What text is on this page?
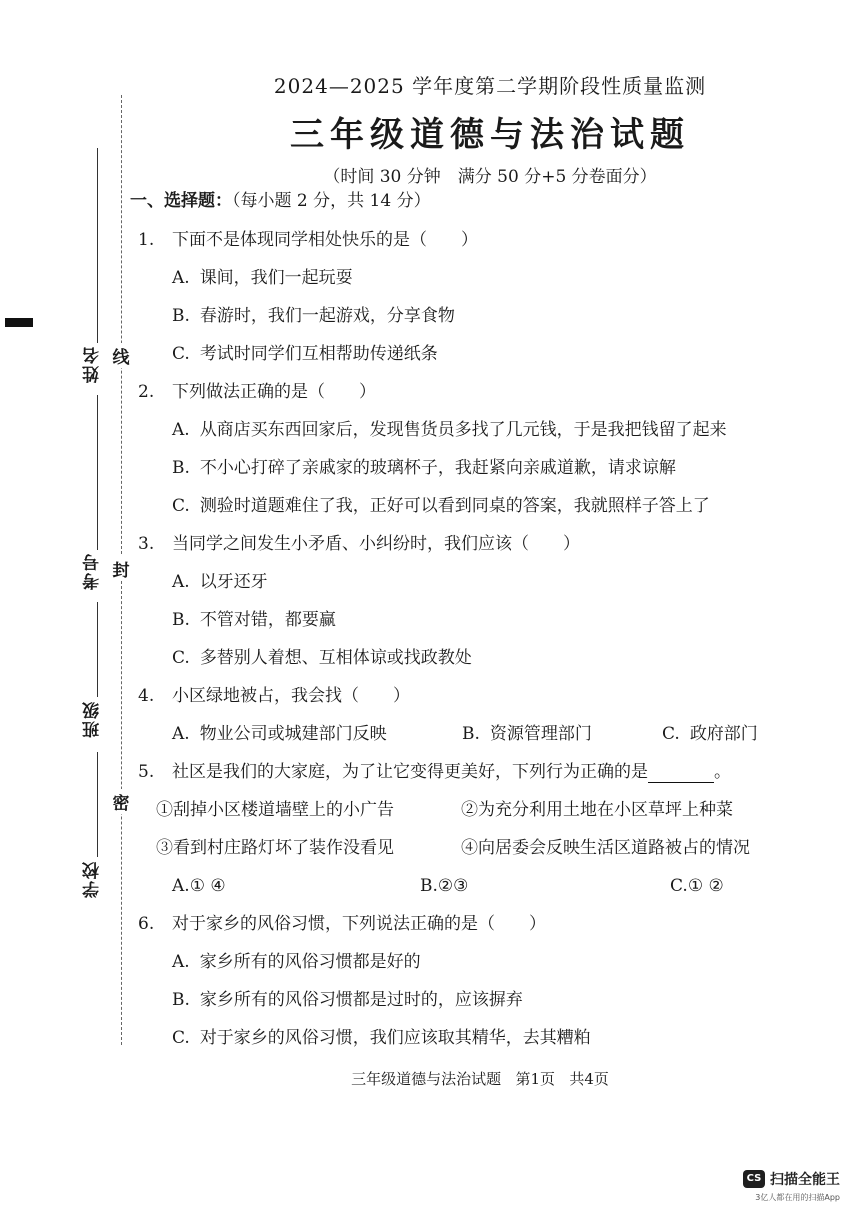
线
封
密
姓名
考号
班级
学校

2024—2025 学年度第二学期阶段性质量监测

三年级道德与法治试题

（时间 30 分钟　满分 50 分+5 分卷面分）

一、选择题：（每小题 2 分，共 14 分）
1. 下面不是体现同学相处快乐的是（　　）
A. 课间，我们一起玩耍
B. 春游时，我们一起游戏，分享食物
C. 考试时同学们互相帮助传递纸条
2. 下列做法正确的是（　　）
A. 从商店买东西回家后，发现售货员多找了几元钱，于是我把钱留了起来
B. 不小心打碎了亲戚家的玻璃杯子，我赶紧向亲戚道歉，请求谅解
C. 测验时道题难住了我，正好可以看到同桌的答案，我就照样子答上了
3. 当同学之间发生小矛盾、小纠纷时，我们应该（　　）
A. 以牙还牙
B. 不管对错，都要赢
C. 多替别人着想、互相体谅或找政教处
4. 小区绿地被占，我会找（　　）
A. 物业公司或城建部门反映	B. 资源管理部门	C. 政府部门
5. 社区是我们的大家庭，为了让它变得更美好，下列行为正确的是	。
①刮掉小区楼道墙壁上的小广告	②为充分利用土地在小区草坪上种菜
③看到村庄路灯坏了装作没看见	④向居委会反映生活区道路被占的情况
A.① ④	B.②③	C.① ②
6. 对于家乡的风俗习惯，下列说法正确的是（　　）
A. 家乡所有的风俗习惯都是好的
B. 家乡所有的风俗习惯都是过时的，应该摒弃
C. 对于家乡的风俗习惯，我们应该取其精华，去其糟粕
三年级道德与法治试题 第1页 共4页
CS 扫描全能王
3亿人都在用的扫描App
